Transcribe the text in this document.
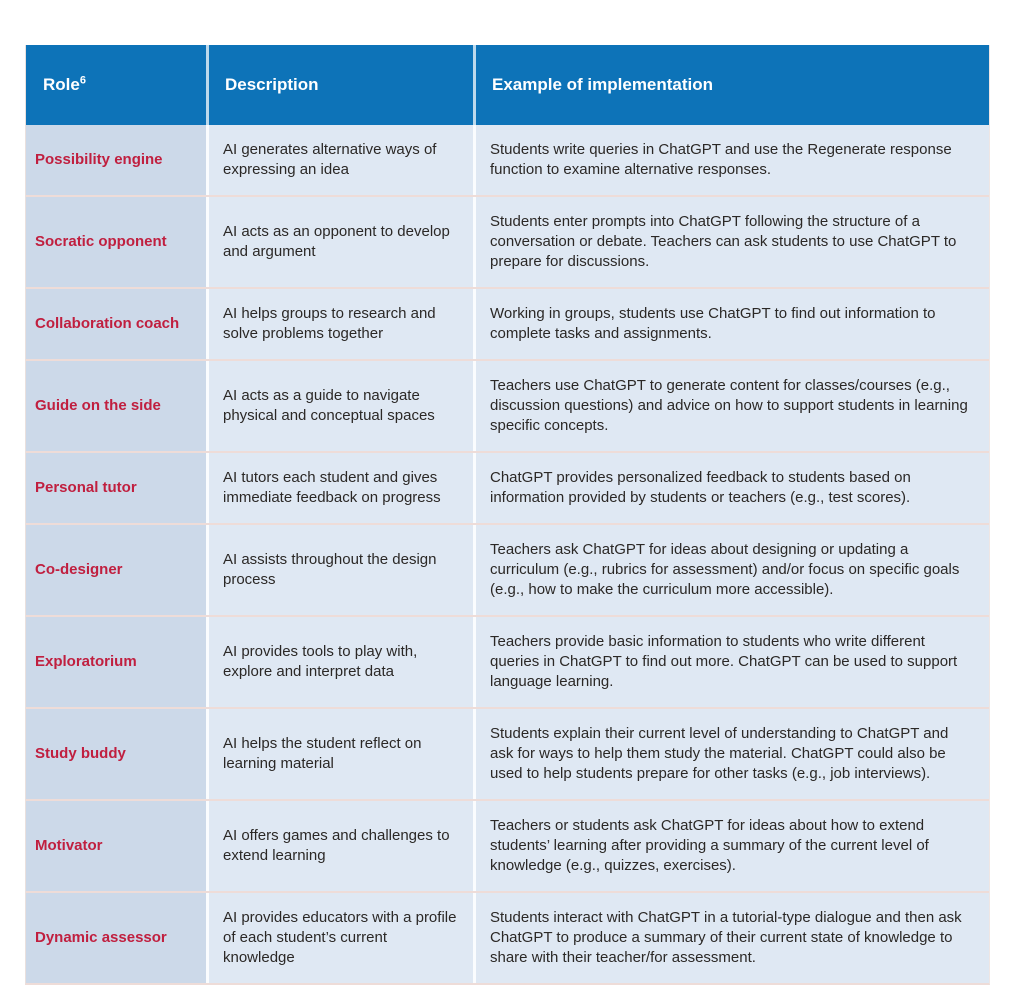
Role$^6$	Description	Example of implementation
Possibility engine
AI generates alternative ways of expressing an idea
Students write queries in ChatGPT and use the Regenerate response function to examine alternative responses.
Socratic opponent
AI acts as an opponent to develop and argument
Students enter prompts into ChatGPT following the structure of a conversation or debate. Teachers can ask students to use ChatGPT to prepare for discussions.
Collaboration coach
AI helps groups to research and solve problems together
Working in groups, students use ChatGPT to find out information to complete tasks and assignments.
Guide on the side
AI acts as a guide to navigate physical and conceptual spaces
Teachers use ChatGPT to generate content for classes/courses (e.g., discussion questions) and advice on how to support students in learning specific concepts.
Personal tutor
AI tutors each student and gives immediate feedback on progress
ChatGPT provides personalized feedback to students based on information provided by students or teachers (e.g., test scores).
Co-designer
AI assists throughout the design process
Teachers ask ChatGPT for ideas about designing or updating a curriculum (e.g., rubrics for assessment) and/or focus on specific goals (e.g., how to make the curriculum more accessible).
Exploratorium
AI provides tools to play with, explore and interpret data
Teachers provide basic information to students who write different queries in ChatGPT to find out more. ChatGPT can be used to support language learning.
Study buddy
AI helps the student reflect on learning material
Students explain their current level of understanding to ChatGPT and ask for ways to help them study the material. ChatGPT could also be used to help students prepare for other tasks (e.g., job interviews).
Motivator
AI offers games and challenges to extend learning
Teachers or students ask ChatGPT for ideas about how to extend students’ learning after providing a summary of the current level of knowledge (e.g., quizzes, exercises).
Dynamic assessor
AI provides educators with a profile of each student’s current knowledge
Students interact with ChatGPT in a tutorial-type dialogue and then ask ChatGPT to produce a summary of their current state of knowledge to share with their teacher/for assessment.
